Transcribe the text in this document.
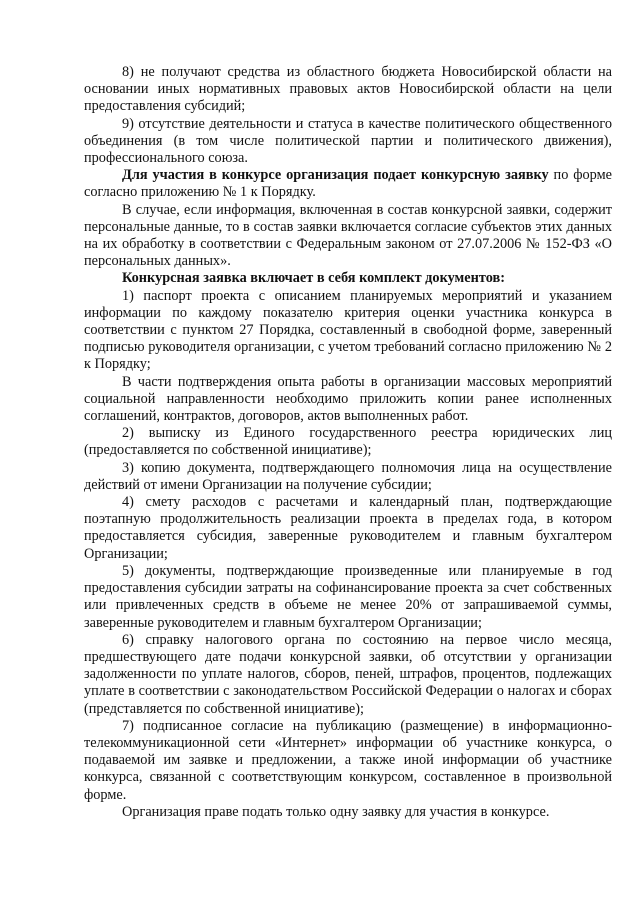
8) не получают средства из областного бюджета Новосибирской области на основании иных нормативных правовых актов Новосибирской области на цели предоставления субсидий;

9) отсутствие деятельности и статуса в качестве политического общественного объединения (в том числе политической партии и политического движения), профессионального союза.

Для участия в конкурсе организация подает конкурсную заявку по форме согласно приложению № 1 к Порядку.

В случае, если информация, включенная в состав конкурсной заявки, содержит персональные данные, то в состав заявки включается согласие субъектов этих данных на их обработку в соответствии с Федеральным законом от 27.07.2006 № 152-ФЗ «О персональных данных».

Конкурсная заявка включает в себя комплект документов:

1) паспорт проекта с описанием планируемых мероприятий и указанием информации по каждому показателю критерия оценки участника конкурса в соответствии с пунктом 27 Порядка, составленный в свободной форме, заверенный подписью руководителя организации, с учетом требований согласно приложению № 2 к Порядку;

В части подтверждения опыта работы в организации массовых мероприятий социальной направленности необходимо приложить копии ранее исполненных соглашений, контрактов, договоров, актов выполненных работ.

2) выписку из Единого государственного реестра юридических лиц (предоставляется по собственной инициативе);

3) копию документа, подтверждающего полномочия лица на осуществление действий от имени Организации на получение субсидии;

4) смету расходов с расчетами и календарный план, подтверждающие поэтапную продолжительность реализации проекта в пределах года, в котором предоставляется субсидия, заверенные руководителем и главным бухгалтером Организации;

5) документы, подтверждающие произведенные или планируемые в год предоставления субсидии затраты на софинансирование проекта за счет собственных или привлеченных средств в объеме не менее 20% от запрашиваемой суммы, заверенные руководителем и главным бухгалтером Организации;

6) справку налогового органа по состоянию на первое число месяца, предшествующего дате подачи конкурсной заявки, об отсутствии у организации задолженности по уплате налогов, сборов, пеней, штрафов, процентов, подлежащих уплате в соответствии с законодательством Российской Федерации о налогах и сборах (представляется по собственной инициативе);

7) подписанное согласие на публикацию (размещение) в информационно-телекоммуникационной сети «Интернет» информации об участнике конкурса, о подаваемой им заявке и предложении, а также иной информации об участнике конкурса, связанной с соответствующим конкурсом, составленное в произвольной форме.

Организация праве подать только одну заявку для участия в конкурсе.
